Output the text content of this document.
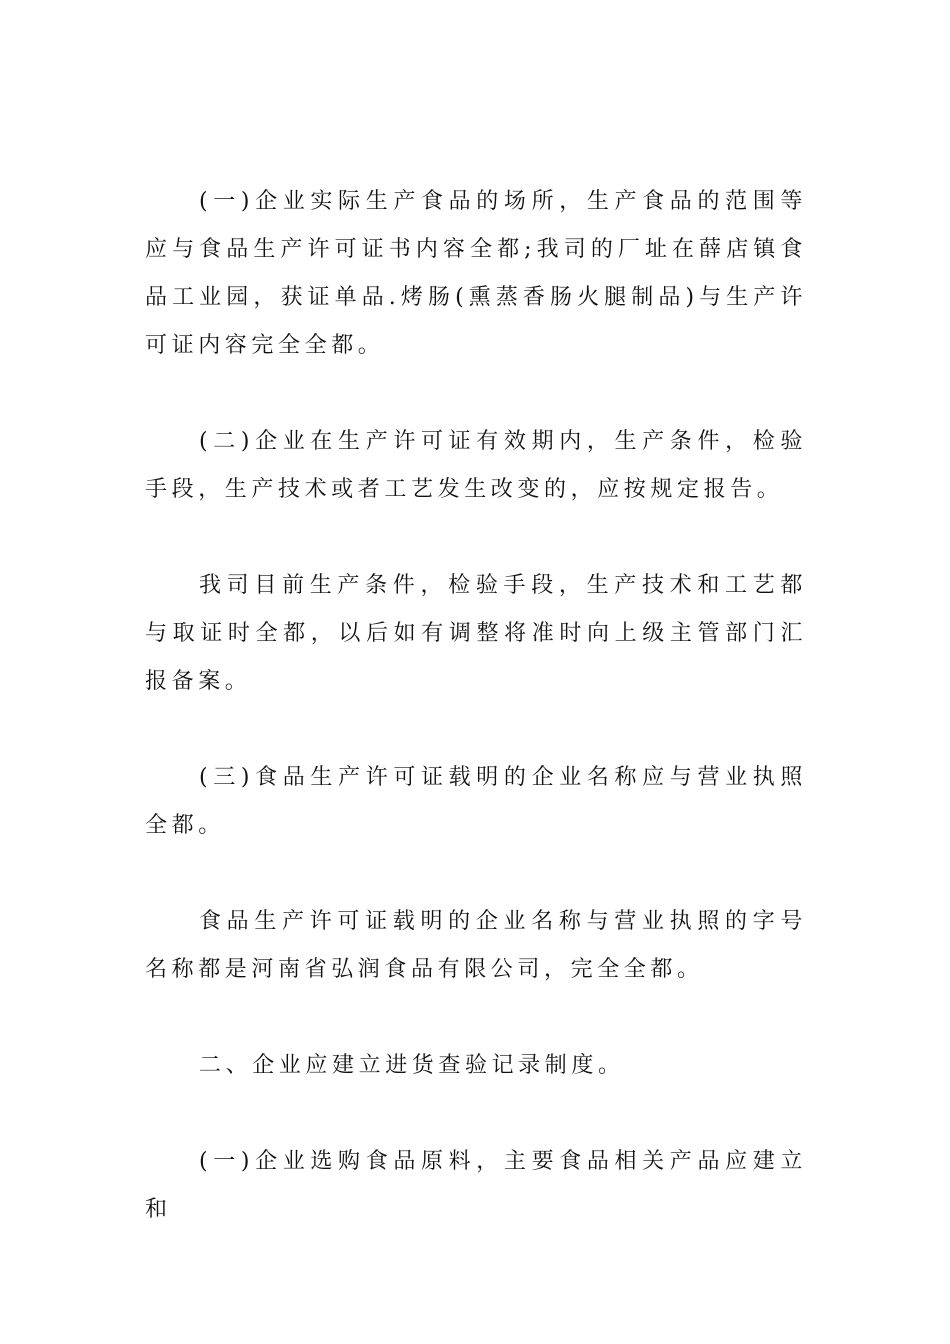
(一)企业实际生产食品的场所，生产食品的范围等应与食品生产许可证书内容全都;我司的厂址在薛店镇食品工业园，获证单品.烤肠(熏蒸香肠火腿制品)与生产许可证内容完全全都。

(二)企业在生产许可证有效期内，生产条件，检验手段，生产技术或者工艺发生改变的，应按规定报告。

我司目前生产条件，检验手段，生产技术和工艺都与取证时全都，以后如有调整将准时向上级主管部门汇报备案。

(三)食品生产许可证载明的企业名称应与营业执照全都。

食品生产许可证载明的企业名称与营业执照的字号名称都是河南省弘润食品有限公司，完全全都。

二、企业应建立进货查验记录制度。

(一)企业选购食品原料，主要食品相关产品应建立和
